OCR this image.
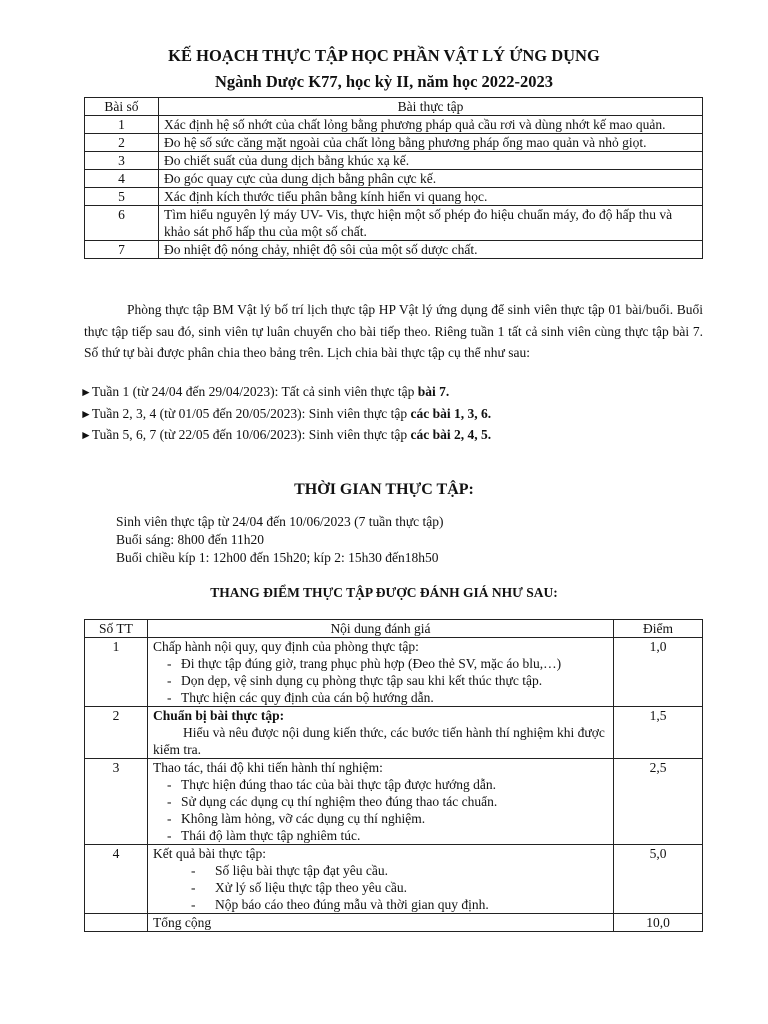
KẾ HOẠCH THỰC TẬP HỌC PHẦN VẬT LÝ ỨNG DỤNG
Ngành Dược K77, học kỳ II, năm học 2022-2023
Bài số	Bài thực tập
1	Xác định hệ số nhớt của chất lỏng bằng phương pháp quả cầu rơi và dùng nhớt kế mao quản.
2	Đo hệ số sức căng mặt ngoài của chất lỏng bằng phương pháp ống mao quản và nhỏ giọt.
3	Đo chiết suất của dung dịch bằng khúc xạ kế.
4	Đo góc quay cực của dung dịch bằng phân cực kế.
5	Xác định kích thước tiểu phân bằng kính hiển vi quang học.
6	Tìm hiểu nguyên lý máy UV- Vis, thực hiện một số phép đo hiệu chuẩn máy, đo độ hấp thu và khảo sát phổ hấp thu của một số chất.
7	Đo nhiệt độ nóng chảy, nhiệt độ sôi của một số dược chất.
Phòng thực tập BM Vật lý bố trí lịch thực tập HP Vật lý ứng dụng để sinh viên thực tập 01 bài/buổi. Buổi thực tập tiếp sau đó, sinh viên tự luân chuyển cho bài tiếp theo. Riêng tuần 1 tất cả sinh viên cùng thực tập bài 7. Số thứ tự bài được phân chia theo bảng trên. Lịch chia bài thực tập cụ thể như sau:
►Tuần 1 (từ 24/04 đến 29/04/2023): Tất cả sinh viên thực tập bài 7.
►Tuần 2, 3, 4 (từ 01/05 đến 20/05/2023): Sinh viên thực tập các bài 1, 3, 6.
►Tuần 5, 6, 7 (từ 22/05 đến 10/06/2023): Sinh viên thực tập các bài 2, 4, 5.
THỜI GIAN THỰC TẬP:
Sinh viên thực tập từ 24/04 đến 10/06/2023 (7 tuần thực tập)
Buổi sáng: 8h00 đến 11h20
Buổi chiều kíp 1: 12h00 đến 15h20; kíp 2: 15h30 đến18h50
THANG ĐIỂM THỰC TẬP ĐƯỢC ĐÁNH GIÁ NHƯ SAU:
Số TT	Nội dung đánh giá	Điểm
1	Chấp hành nội quy, quy định của phòng thực tập:
- Đi thực tập đúng giờ, trang phục phù hợp (Đeo thẻ SV, mặc áo blu,…)
- Dọn dẹp, vệ sinh dụng cụ phòng thực tập sau khi kết thúc thực tập.
- Thực hiện các quy định của cán bộ hướng dẫn.	1,0
2	Chuẩn bị bài thực tập:
Hiểu và nêu được nội dung kiến thức, các bước tiến hành thí nghiệm khi được kiểm tra.	1,5
3	Thao tác, thái độ khi tiến hành thí nghiệm:
- Thực hiện đúng thao tác của bài thực tập được hướng dẫn.
- Sử dụng các dụng cụ thí nghiệm theo đúng thao tác chuẩn.
- Không làm hỏng, vỡ các dụng cụ thí nghiệm.
- Thái độ làm thực tập nghiêm túc.	2,5
4	Kết quả bài thực tập:
- Số liệu bài thực tập đạt yêu cầu.
- Xử lý số liệu thực tập theo yêu cầu.
- Nộp báo cáo theo đúng mẫu và thời gian quy định.	5,0
	Tổng cộng	10,0
